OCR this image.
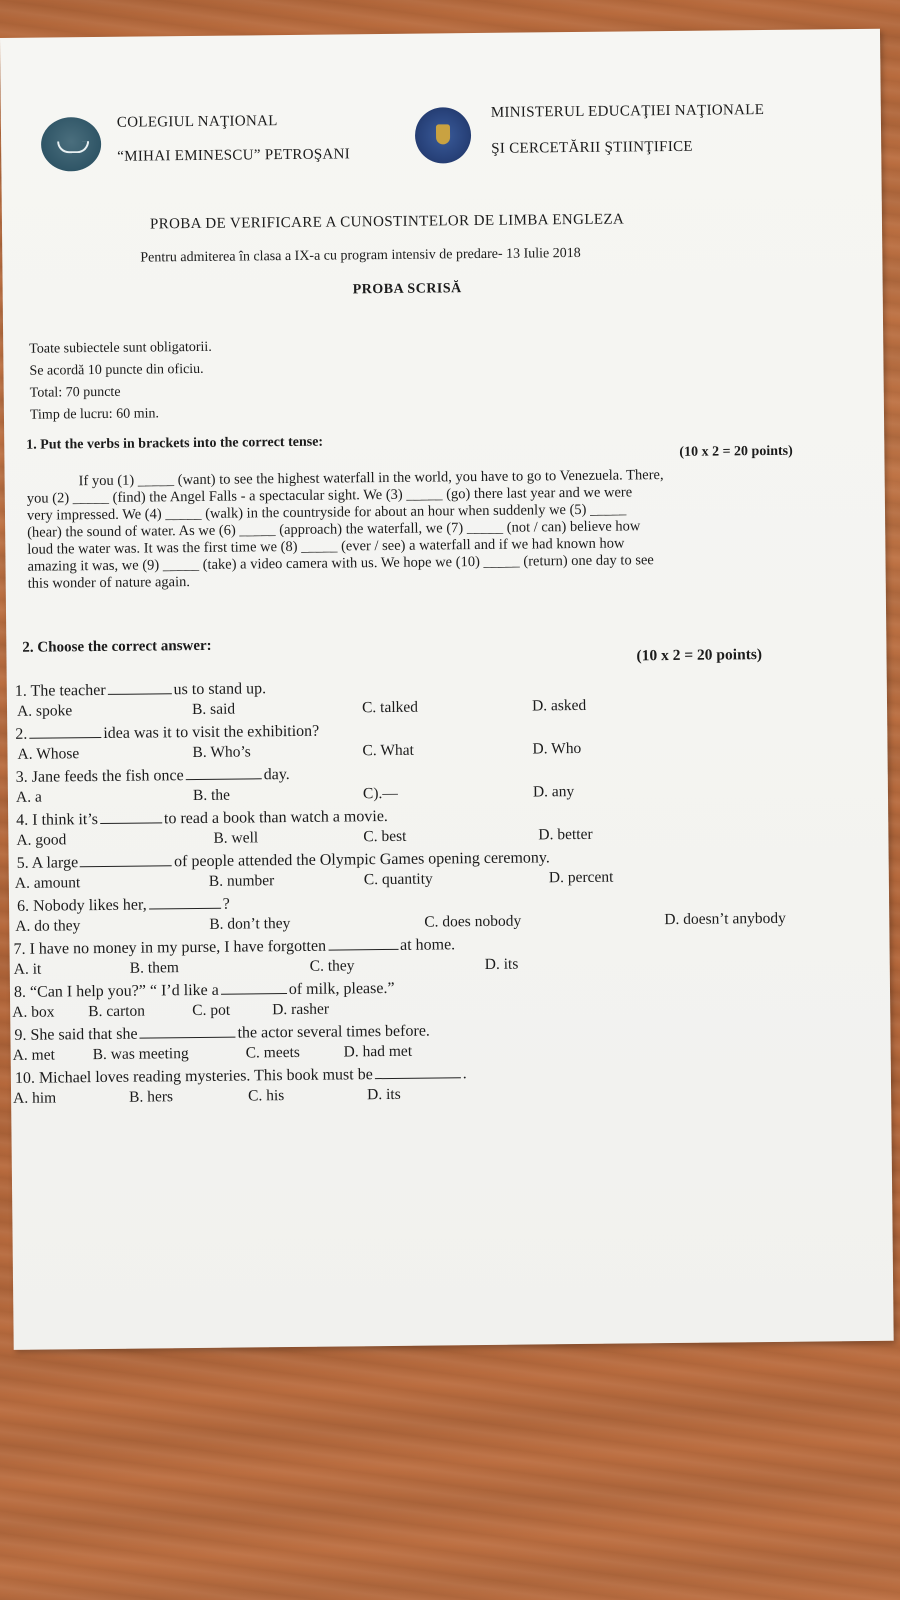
COLEGIUL NAŢIONAL
“MIHAI EMINESCU” PETROŞANI
MINISTERUL EDUCAŢIEI NAŢIONALE
ŞI CERCETĂRII ŞTIINŢIFICE
PROBA DE VERIFICARE A CUNOSTINTELOR DE LIMBA ENGLEZA
Pentru admiterea în clasa a IX-a cu program intensiv de predare- 13 Iulie 2018
PROBA SCRISĂ
Toate subiectele sunt obligatorii.
Se acordă 10 puncte din oficiu.
Total: 70 puncte
Timp de lucru: 60 min.
1. Put the verbs in brackets into the correct tense:	(10 x 2 = 20 points)
If you (1) _____ (want) to see the highest waterfall in the world, you have to go to Venezuela. There,
you (2) _____ (find) the Angel Falls - a spectacular sight. We (3) _____ (go) there last year and we were
very impressed. We (4) _____ (walk) in the countryside for about an hour when suddenly we (5) _____
(hear) the sound of water. As we (6) _____ (approach) the waterfall, we (7) _____ (not / can) believe how
loud the water was. It was the first time we (8) _____ (ever / see) a waterfall and if we had known how
amazing it was, we (9) _____ (take) a video camera with us. We hope we (10) _____ (return) one day to see
this wonder of nature again.
2. Choose the correct answer:	(10 x 2 = 20 points)
1. The teacher	us to stand up.
A. spoke	B. said	C. talked	D. asked
2.	idea was it to visit the exhibition?
A. Whose	B. Who’s	C. What	D. Who
3. Jane feeds the fish once	day.
A. a	B. the	C).—	D. any
4. I think it’s	to read a book than watch a movie.
A. good	B. well	C. best	D. better
5. A large	of people attended the Olympic Games opening ceremony.
A. amount	B. number	C. quantity	D. percent
6. Nobody likes her,	?
A. do they	B. don’t they	C. does nobody	D. doesn’t anybody
7. I have no money in my purse, I have forgotten	at home.
A. it	B. them	C. they	D. its
8. “Can I help you?” “ I’d like a	of milk, please.”
A. box B. carton	C. pot	D. rasher
9. She said that she	the actor several times before.
A. met B. was meeting	C. meets	D. had met
10. Michael loves reading mysteries. This book must be	.
A. him	B. hers	C. his	D. its
